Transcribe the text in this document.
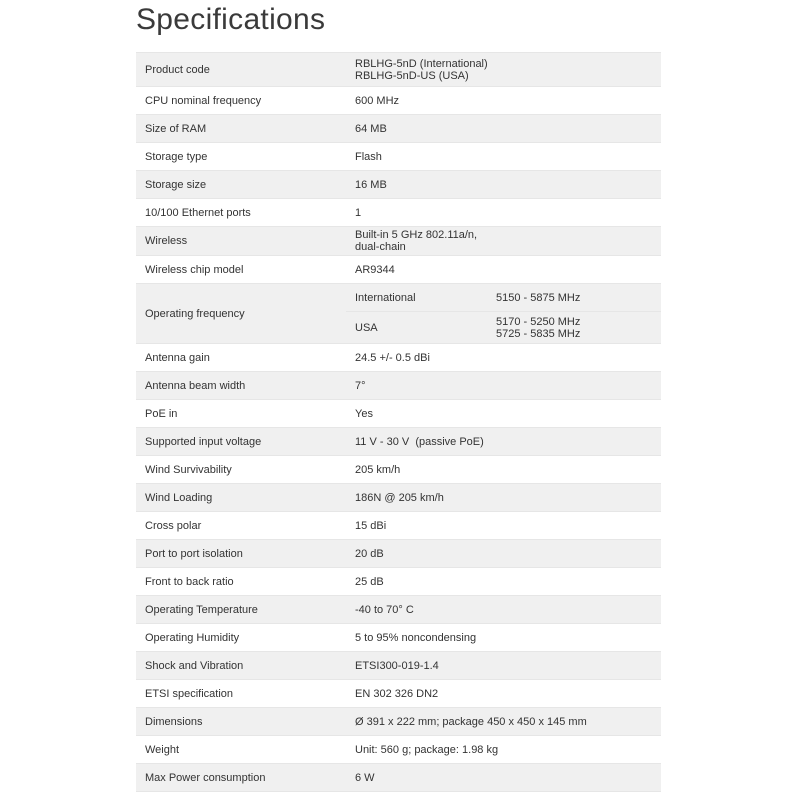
Specifications
Product code	RBLHG-5nD (International)
RBLHG-5nD-US (USA)	

CPU nominal frequency	600 MHz	
Size of RAM	64 MB	
Storage type	Flash	
Storage size	16 MB	
10/100 Ethernet ports	1	
Wireless	Built-in 5 GHz 802.11a/n,
dual-chain	

Wireless chip model	AR9344	
Operating frequency	International	5150 - 5875 MHz
	USA	5170 - 5250 MHz
5725 - 5835 MHz

Antenna gain	24.5 +/- 0.5 dBi	
Antenna beam width	7°	
PoE in	Yes	
Supported input voltage	11 V - 30 V  (passive PoE)	
Wind Survivability	205 km/h	
Wind Loading	186N @ 205 km/h	
Cross polar	15 dBi	
Port to port isolation	20 dB	
Front to back ratio	25 dB	
Operating Temperature	-40 to 70° C	
Operating Humidity	5 to 95% noncondensing	
Shock and Vibration	ETSI300-019-1.4	
ETSI specification	EN 302 326 DN2	
Dimensions	Ø 391 x 222 mm; package 450 x 450 x 145 mm	
Weight	Unit: 560 g; package: 1.98 kg	
Max Power consumption	6 W	
